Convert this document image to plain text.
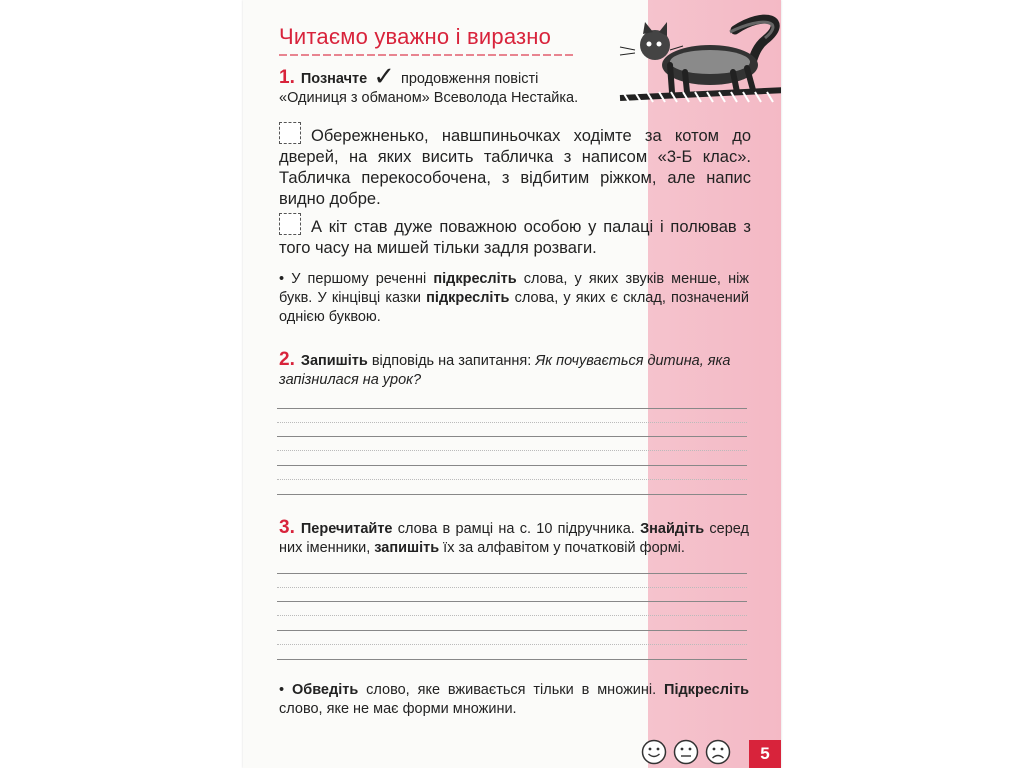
Читаємо уважно і виразно
1. Позначте ✓ продовження повісті
«Одиниця з обманом» Всеволода Нестайка.
Обережненько, навшпиньочках ходімте за котом до дверей, на яких висить табличка з написом «3-Б клас». Табличка перекособочена, з відбитим ріжком, але напис видно добре.
А кіт став дуже поважною особою у палаці і полював з того часу на мишей тільки задля розваги.
• У першому реченні підкресліть слова, у яких звуків менше, ніж букв. У кінцівці казки підкресліть слова, у яких є склад, позначений однією буквою.
2. Запишіть відповідь на запитання: Як почувається дитина, яка запізнилася на урок?
3. Перечитайте слова в рамці на с. 10 підручника. Знайдіть серед них іменники, запишіть їх за алфавітом у початковій формі.
• Обведіть слово, яке вживається тільки в множині. Підкресліть слово, яке не має форми множини.
5
